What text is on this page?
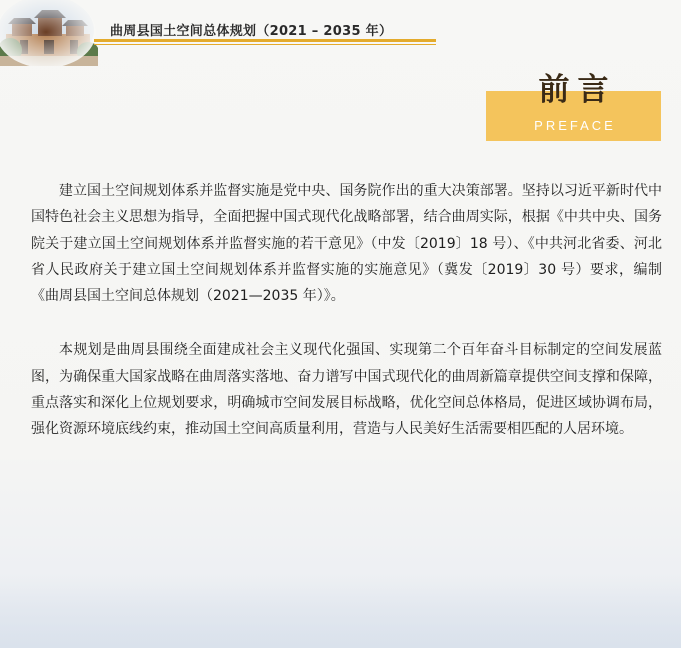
曲周县国土空间总体规划（2021 – 2035 年）
前言
PREFACE

建立国土空间规划体系并监督实施是党中央、国务院作出的重大决策部署。坚持以习近平新时代中国特色社会主义思想为指导，全面把握中国式现代化战略部署，结合曲周实际，根据《中共中央、国务院关于建立国土空间规划体系并监督实施的若干意见》（中发〔2019〕18 号）、《中共河北省委、河北省人民政府关于建立国土空间规划体系并监督实施的实施意见》（冀发〔2019〕30 号）要求，编制《曲周县国土空间总体规划（2021—2035 年）》。

本规划是曲周县围绕全面建成社会主义现代化强国、实现第二个百年奋斗目标制定的空间发展蓝图，为确保重大国家战略在曲周落实落地、奋力谱写中国式现代化的曲周新篇章提供空间支撑和保障，重点落实和深化上位规划要求，明确城市空间发展目标战略，优化空间总体格局，促进区域协调布局，强化资源环境底线约束，推动国土空间高质量利用，营造与人民美好生活需要相匹配的人居环境。
